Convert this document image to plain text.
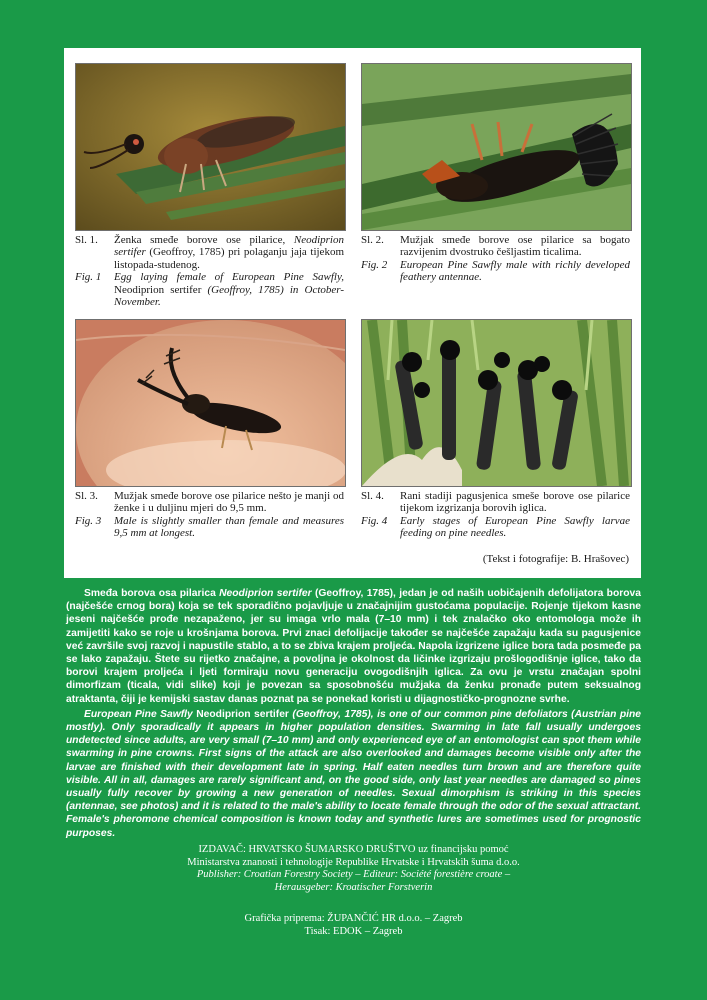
Sl. 1.	Ženka smeđe borove ose pilarice, Neodiprion sertifer (Geoffroy, 1785) pri polaganju jaja tijekom listopada-studenog.
Fig. 1	Egg laying female of European Pine Sawfly, Neodiprion sertifer (Geoffroy, 1785) in October-November.
Sl. 2.	Mužjak smeđe borove ose pilarice sa bogato razvijenim dvostruko češljastim ticalima.
Fig. 2	European Pine Sawfly male with richly developed feathery antennae.
Sl. 3.	Mužjak smeđe borove ose pilarice nešto je manji od ženke i u duljinu mjeri do 9,5 mm.
Fig. 3	Male is slightly smaller than female and measures 9,5 mm at longest.
Sl. 4.	Rani stadiji pagusjenica smeše borove ose pilarice tijekom izgrizanja borovih iglica.
Fig. 4	Early stages of European Pine Sawfly larvae feeding on pine needles.
(Tekst i fotografije: B. Hrašovec)

Smeđa borova osa pilarica Neodiprion sertifer (Geoffroy, 1785), jedan je od naših uobičajenih defolijatora borova (najčešće crnog bora) koja se tek sporadično pojavljuje u značajnijim gustoćama populacije. Rojenje tijekom kasne jeseni najčešće prođe nezapaženo, jer su imaga vrlo mala (7–10 mm) i tek znalačko oko entomologa može ih zamijetiti kako se roje u krošnjama borova. Prvi znaci defolijacije također se najčešće zapažaju kada su pagusjenice već završile svoj razvoj i napustile stablo, a to se zbiva krajem proljeća. Napola izgrizene iglice bora tada posmeđe pa se lako zapažaju. Štete su rijetko značajne, a povoljna je okolnost da ličinke izgrizaju prošlogodišnje iglice, tako da borovi krajem proljeća i ljeti formiraju novu generaciju ovogodišnjih iglica. Za ovu je vrstu značajan spolni dimorfizam (ticala, vidi slike) koji je povezan sa sposobnošću mužjaka da ženku pronađe putem seksualnog atraktanta, čiji je kemijski sastav danas poznat pa se ponekad koristi u dijagnostičko-prognozne svrhe.

European Pine Sawfly Neodiprion sertifer (Geoffroy, 1785), is one of our common pine defoliators (Austrian pine mostly). Only sporadically it appears in higher population densities. Swarming in late fall usually undergoes undetected since adults, are very small (7–10 mm) and only experienced eye of an entomologist can spot them while swarming in pine crowns. First signs of the attack are also overlooked and damages become visible only after the larvae are finished with their development late in spring. Half eaten needles turn brown and are therefore quite visible. All in all, damages are rarely significant and, on the good side, only last year needles are damaged so pines usually fully recover by growing a new generation of needles. Sexual dimorphism is striking in this species (antennae, see photos) and it is related to the male's ability to locate female through the odor of the sexual attractant. Female's pheromone chemical composition is known today and synthetic lures are sometimes used for prognostic purposes.

IZDAVAČ: HRVATSKO ŠUMARSKO DRUŠTVO uz financijsku pomoć
Ministarstva znanosti i tehnologije Republike Hrvatske i Hrvatskih šuma d.o.o.
Publisher: Croatian Forestry Society – Editeur: Société forestière croate –
Herausgeber: Kroatischer Forstverin
Grafička priprema: ŽUPANČIĆ HR d.o.o. – Zagreb
Tisak: EDOK – Zagreb
